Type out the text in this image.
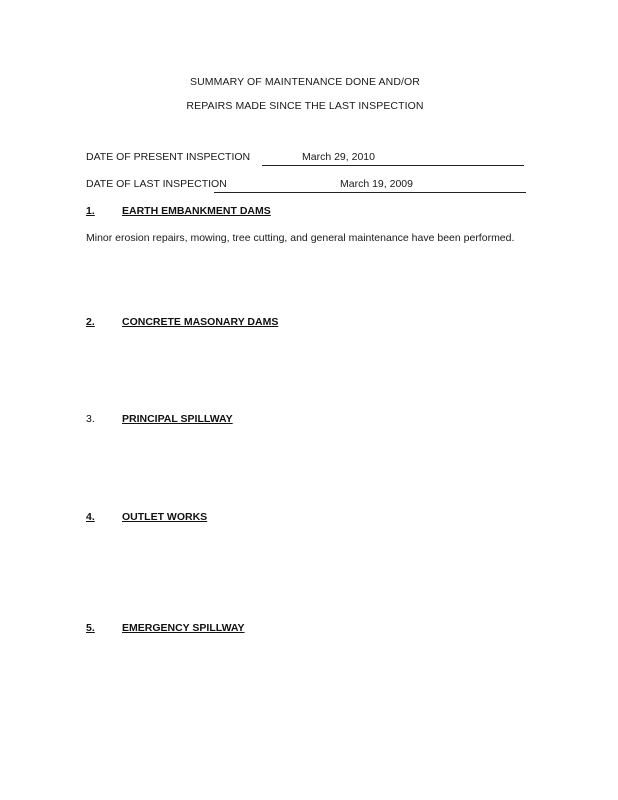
SUMMARY OF MAINTENANCE DONE AND/OR
REPAIRS MADE SINCE THE LAST INSPECTION
DATE OF PRESENT INSPECTION	March 29, 2010
DATE OF LAST INSPECTION	March 19, 2009
1.	EARTH EMBANKMENT DAMS
Minor erosion repairs, mowing, tree cutting, and general maintenance have been performed.
2.	CONCRETE MASONARY DAMS
3.	PRINCIPAL SPILLWAY
4.	OUTLET WORKS
5.	EMERGENCY SPILLWAY
